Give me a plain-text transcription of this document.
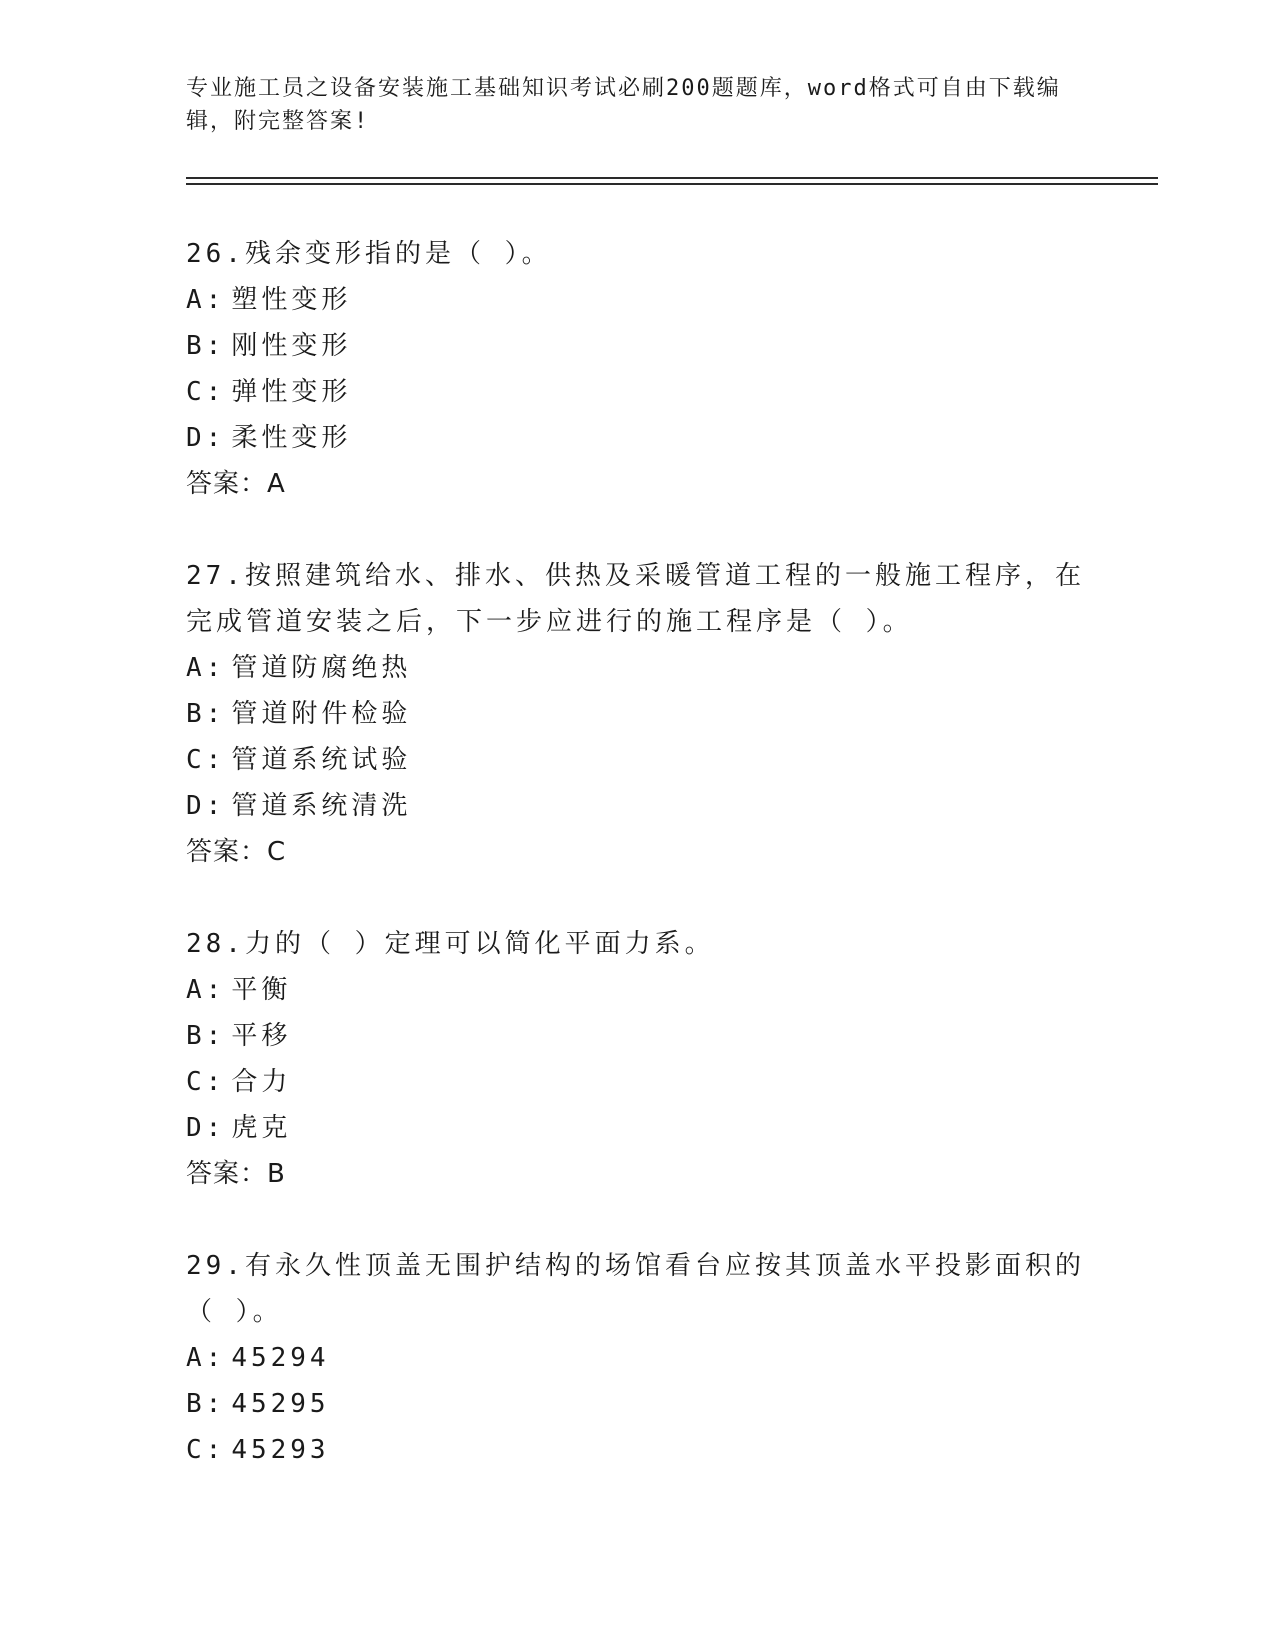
专业施工员之设备安装施工基础知识考试必刷200题题库，word格式可自由下载编辑，附完整答案!
26.残余变形指的是（ ）。
A: 塑性变形
B: 刚性变形
C: 弹性变形
D: 柔性变形
答案：A
27.按照建筑给水、排水、供热及采暖管道工程的一般施工程序，在完成管道安装之后，下一步应进行的施工程序是（ ）。
A: 管道防腐绝热
B: 管道附件检验
C: 管道系统试验
D: 管道系统清洗
答案：C
28.力的（ ）定理可以简化平面力系。
A: 平衡
B: 平移
C: 合力
D: 虎克
答案：B
29.有永久性顶盖无围护结构的场馆看台应按其顶盖水平投影面积的（ ）。
A: 45294
B: 45295
C: 45293
